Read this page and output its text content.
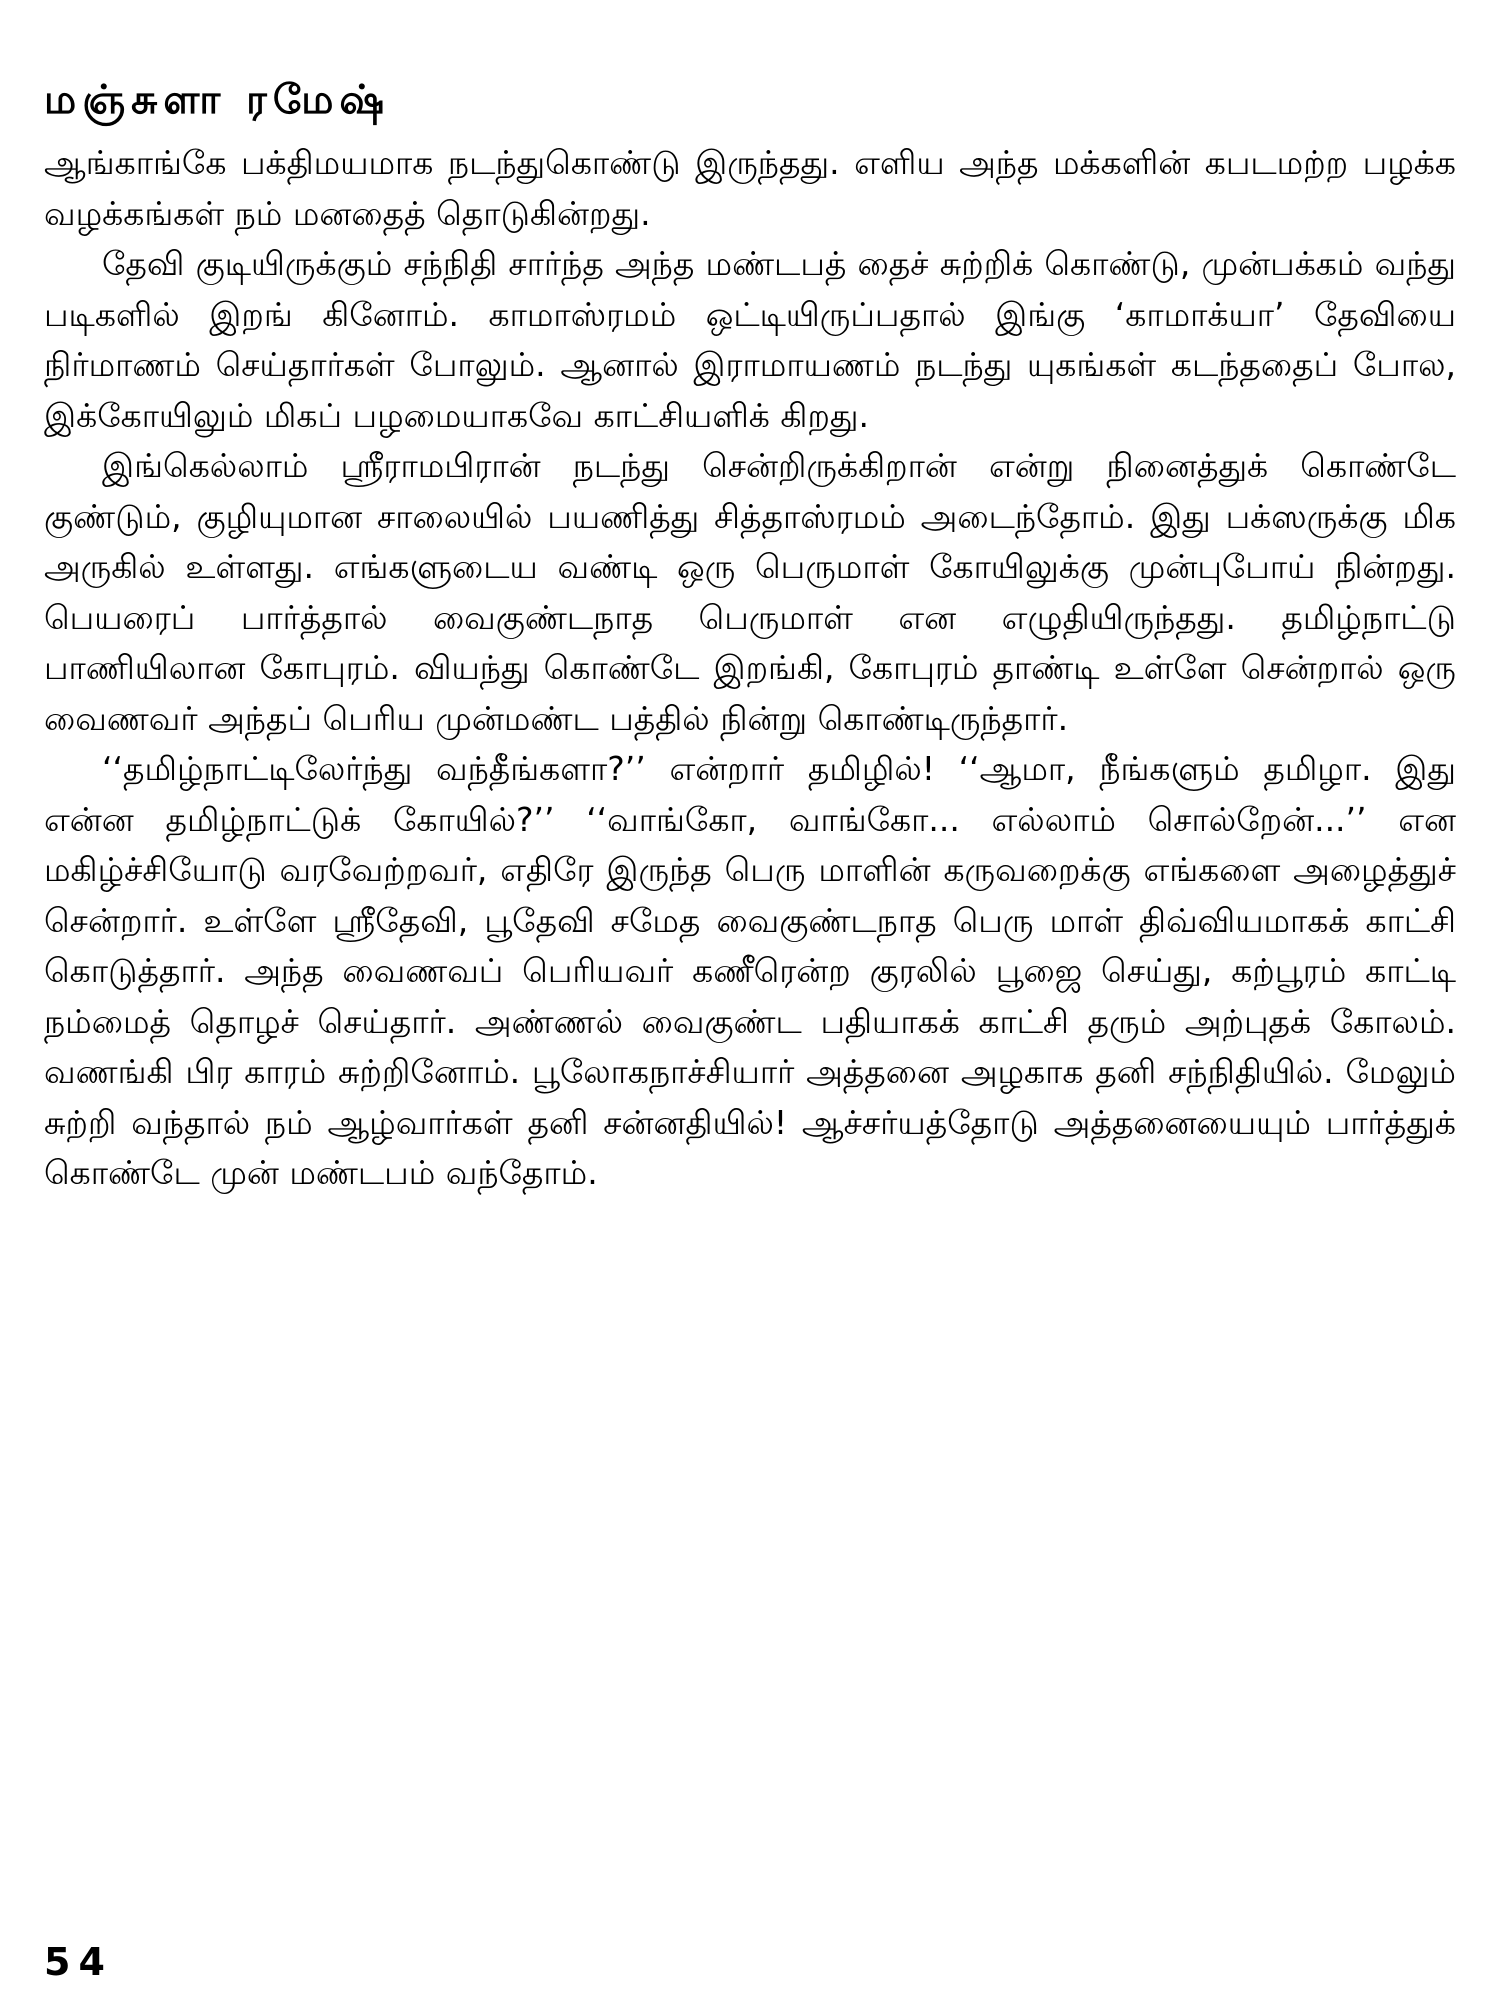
மஞ்சுளா ரமேஷ்

ஆங்காங்கே பக்திமயமாக நடந்துகொண்டு இருந்தது. எளிய அந்த மக்களின் கபடமற்ற பழக்க வழக்கங்கள் நம் மனதைத் தொடுகின்றது.

தேவி குடியிருக்கும் சந்நிதி சார்ந்த அந்த மண்டபத் தைச் சுற்றிக் கொண்டு, முன்பக்கம் வந்து படிகளில் இறங் கினோம். காமாஸ்ரமம் ஒட்டியிருப்பதால் இங்கு ‘காமாக்யா’ தேவியை நிர்மாணம் செய்தார்கள் போலும். ஆனால் இராமாயணம் நடந்து யுகங்கள் கடந்ததைப் போல, இக்கோயிலும் மிகப் பழமையாகவே காட்சியளிக் கிறது.

இங்கெல்லாம் ஸ்ரீராமபிரான் நடந்து சென்றிருக்கிறான் என்று நினைத்துக் கொண்டே குண்டும், குழியுமான சாலையில் பயணித்து சித்தாஸ்ரமம் அடைந்தோம். இது பக்ஸருக்கு மிக அருகில் உள்ளது. எங்களுடைய வண்டி ஒரு பெருமாள் கோயிலுக்கு முன்புபோய் நின்றது. பெயரைப் பார்த்தால் வைகுண்டநாத பெருமாள் என எழுதியிருந்தது. தமிழ்நாட்டு பாணியிலான கோபுரம். வியந்து கொண்டே இறங்கி, கோபுரம் தாண்டி உள்ளே சென்றால் ஒரு வைணவர் அந்தப் பெரிய முன்மண்ட பத்தில் நின்று கொண்டிருந்தார்.

‘‘தமிழ்நாட்டிலேர்ந்து வந்தீங்களா?’’ என்றார் தமிழில்! ‘‘ஆமா, நீங்களும் தமிழா. இது என்ன தமிழ்நாட்டுக் கோயில்?’’ ‘‘வாங்கோ, வாங்கோ... எல்லாம் சொல்றேன்...’’ என மகிழ்ச்சியோடு வரவேற்றவர், எதிரே இருந்த பெரு மாளின் கருவறைக்கு எங்களை அழைத்துச் சென்றார். உள்ளே ஸ்ரீதேவி, பூதேவி சமேத வைகுண்டநாத பெரு மாள் திவ்வியமாகக் காட்சி கொடுத்தார். அந்த வைணவப் பெரியவர் கணீரென்ற குரலில் பூஜை செய்து, கற்பூரம் காட்டி நம்மைத் தொழச் செய்தார். அண்ணல் வைகுண்ட பதியாகக் காட்சி தரும் அற்புதக் கோலம். வணங்கி பிர காரம் சுற்றினோம். பூலோகநாச்சியார் அத்தனை அழகாக தனி சந்நிதியில். மேலும் சுற்றி வந்தால் நம் ஆழ்வார்கள் தனி சன்னதியில்! ஆச்சர்யத்தோடு அத்தனையையும் பார்த்துக் கொண்டே முன் மண்டபம் வந்தோம்.

54
